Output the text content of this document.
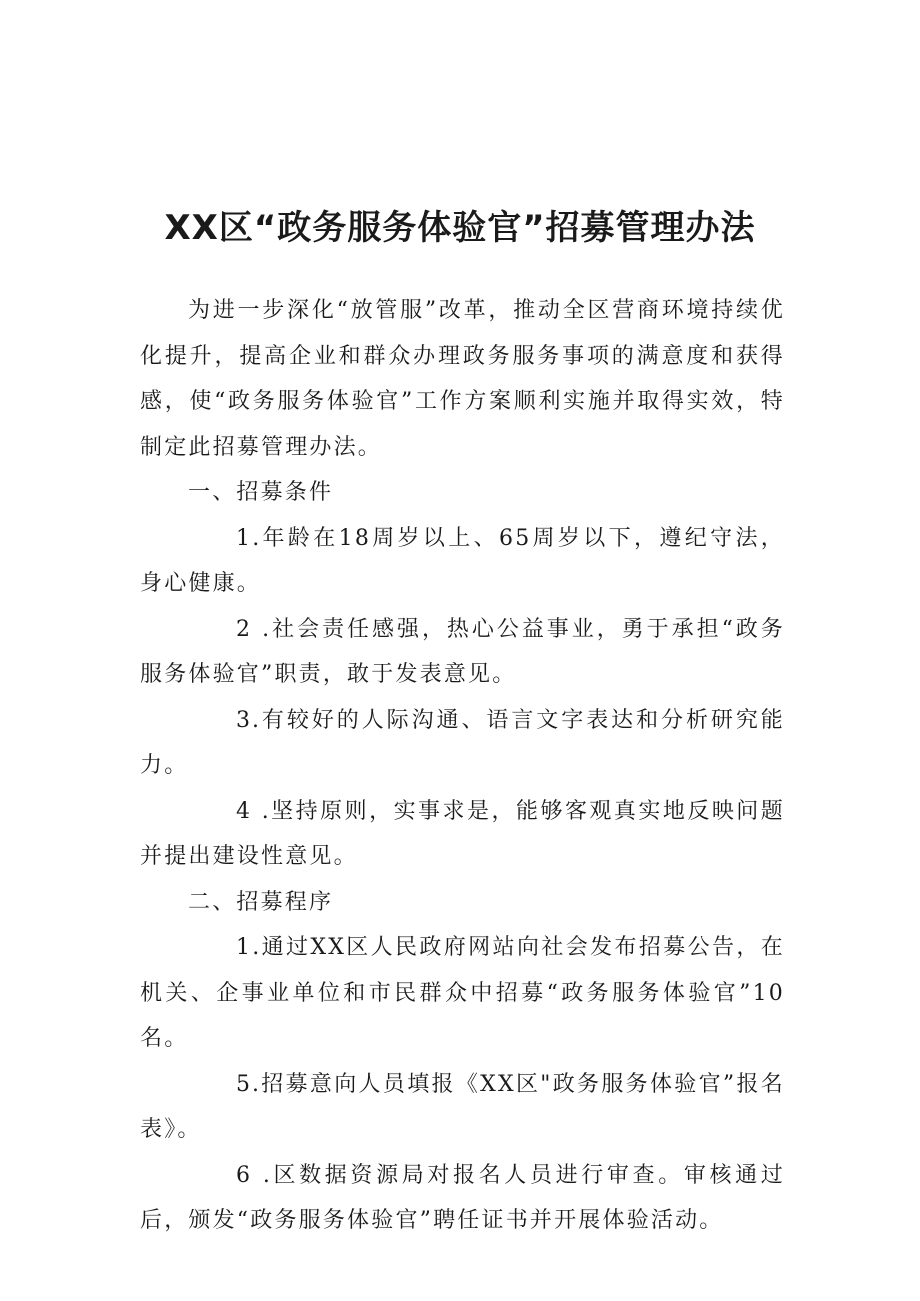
XX区“政务服务体验官”招募管理办法

为进一步深化“放管服”改革，推动全区营商环境持续优化提升，提高企业和群众办理政务服务事项的满意度和获得感，使“政务服务体验官”工作方案顺利实施并取得实效，特制定此招募管理办法。

一、招募条件

1.年龄在18周岁以上、65周岁以下，遵纪守法，身心健康。

2 .社会责任感强，热心公益事业，勇于承担“政务服务体验官”职责，敢于发表意见。

3.有较好的人际沟通、语言文字表达和分析研究能力。

4 .坚持原则，实事求是，能够客观真实地反映问题并提出建设性意见。

二、招募程序

1.通过XX区人民政府网站向社会发布招募公告，在机关、企事业单位和市民群众中招募“政务服务体验官”10名。

5.招募意向人员填报《XX区"政务服务体验官”报名表》。

6 .区数据资源局对报名人员进行审查。审核通过后，颁发“政务服务体验官”聘任证书并开展体验活动。
